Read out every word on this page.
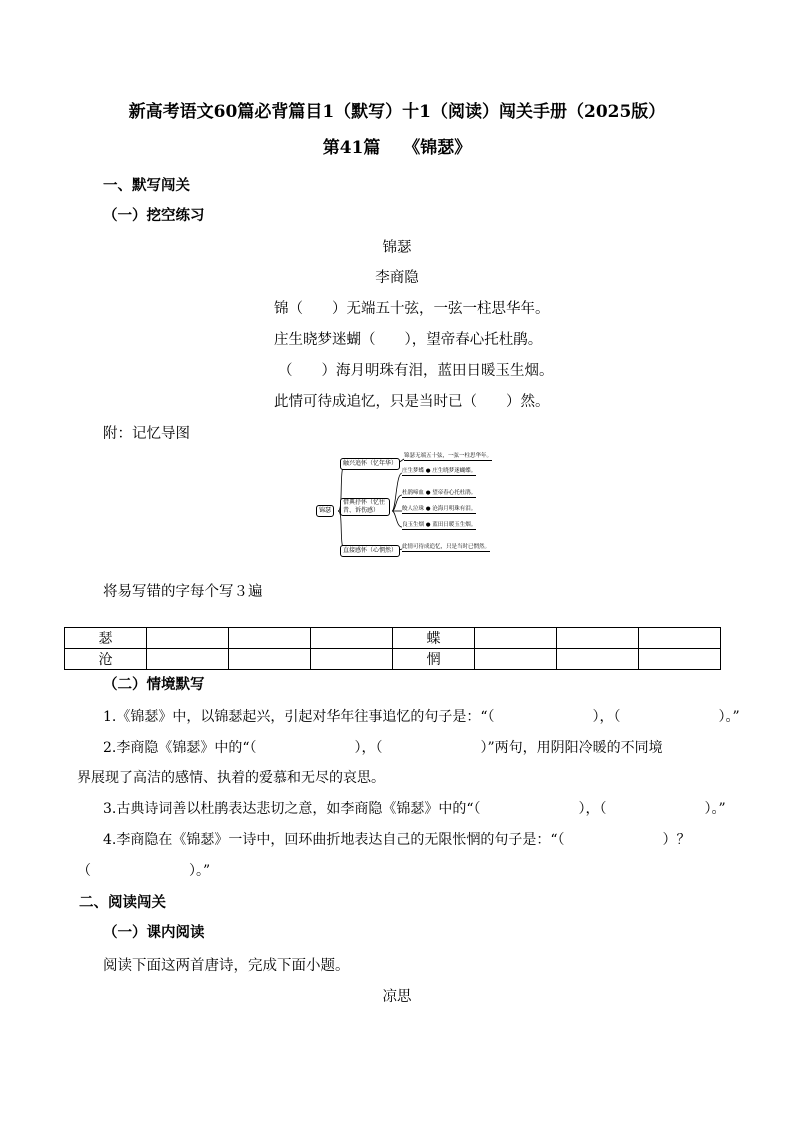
新高考语文60篇必背篇目1（默写）十1（阅读）闯关手册（2025版）
第41篇　 《锦瑟》
一、默写闯关
（一）挖空练习
锦瑟
李商隐
锦（　　）无端五十弦，一弦一柱思华年。
庄生晓梦迷蝴（　　），望帝春心托杜鹃。
（　　）海月明珠有泪，蓝田日暖玉生烟。
此情可待成追忆，只是当时已（　　）然。
附：记忆导图
锦瑟
触兴追怀（忆年华）
借典抒怀（忆往昔、诉伤感）
直接感怀（心惘然）
锦瑟无端五十弦，一弦一柱思华年。
庄生梦蝶 ● 庄生晓梦迷蝴蝶。
杜鹃啼血 ● 望帝春心托杜鹃。
鲛人泣珠 ● 沧海月明珠有泪。
良玉生烟 ● 蓝田日暖玉生烟。
此情可待成追忆，只是当时已惘然。
将易写错的字每个写３遍
瑟				蝶			
沧				惘			
（二）情境默写
1.《锦瑟》中，以锦瑟起兴，引起对华年往事追忆的句子是：“（　　　　　　　），（　　　　　　　）。”
2.李商隐《锦瑟》中的“（　　　　　　　），（　　　　　　　）”两句，用阴阳冷暖的不同境
界展现了高洁的感情、执着的爱慕和无尽的哀思。
3.古典诗词善以杜鹃表达悲切之意，如李商隐《锦瑟》中的“（　　　　　　　），（　　　　　　　）。”
4.李商隐在《锦瑟》一诗中，回环曲折地表达自己的无限怅惘的句子是：“（　　　　　　　）？
（　　　　　　　）。”
二、阅读闯关
（一）课内阅读
阅读下面这两首唐诗，完成下面小题。
凉思
